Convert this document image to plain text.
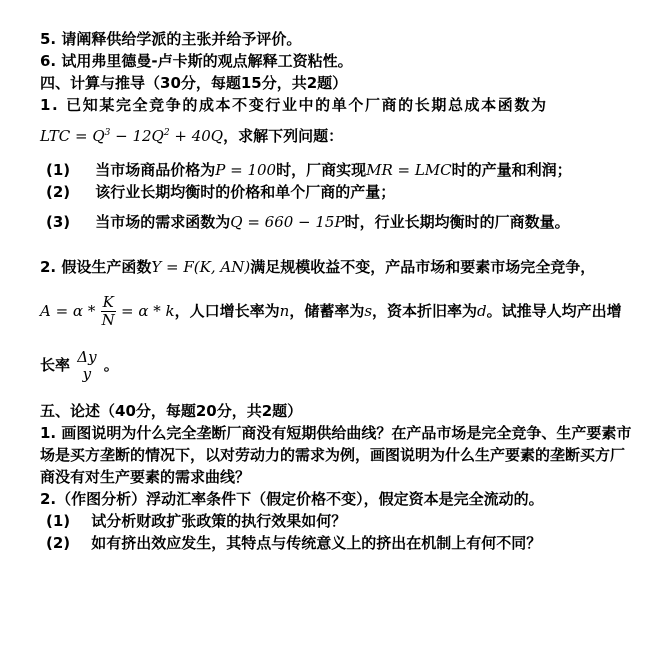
5. 请阐释供给学派的主张并给予评价。
6. 试用弗里德曼-卢卡斯的观点解释工资粘性。
四、计算与推导（30分，每题15分，共2题）
1. 已知某完全竞争的成本不变行业中的单个厂商的长期总成本函数为
LTC = $Q^3 - 12Q^2 + 40Q$，求解下列问题：
(1) 当市场商品价格为P = 100时，厂商实现MR = LMC时的产量和利润；
(2) 该行业长期均衡时的价格和单个厂商的产量；
(3) 当市场的需求函数为Q = 660 − 15P时，行业长期均衡时的厂商数量。
2. 假设生产函数Y = F(K, AN)满足规模收益不变，产品市场和要素市场完全竞争，
$A = \alpha * \frac{K}{N} = \alpha * k$，人口增长率为n，储蓄率为s，资本折旧率为d。试推导人均产出增
长率 Δy
y 。
五、论述（40分，每题20分，共2题）
1. 画图说明为什么完全垄断厂商没有短期供给曲线？在产品市场是完全竞争、生产要素市
场是买方垄断的情况下，以对劳动力的需求为例，画图说明为什么生产要素的垄断买方厂
商没有对生产要素的需求曲线？
2.（作图分析）浮动汇率条件下（假定价格不变），假定资本是完全流动的。
(1) 试分析财政扩张政策的执行效果如何？
(2) 如有挤出效应发生，其特点与传统意义上的挤出在机制上有何不同？
